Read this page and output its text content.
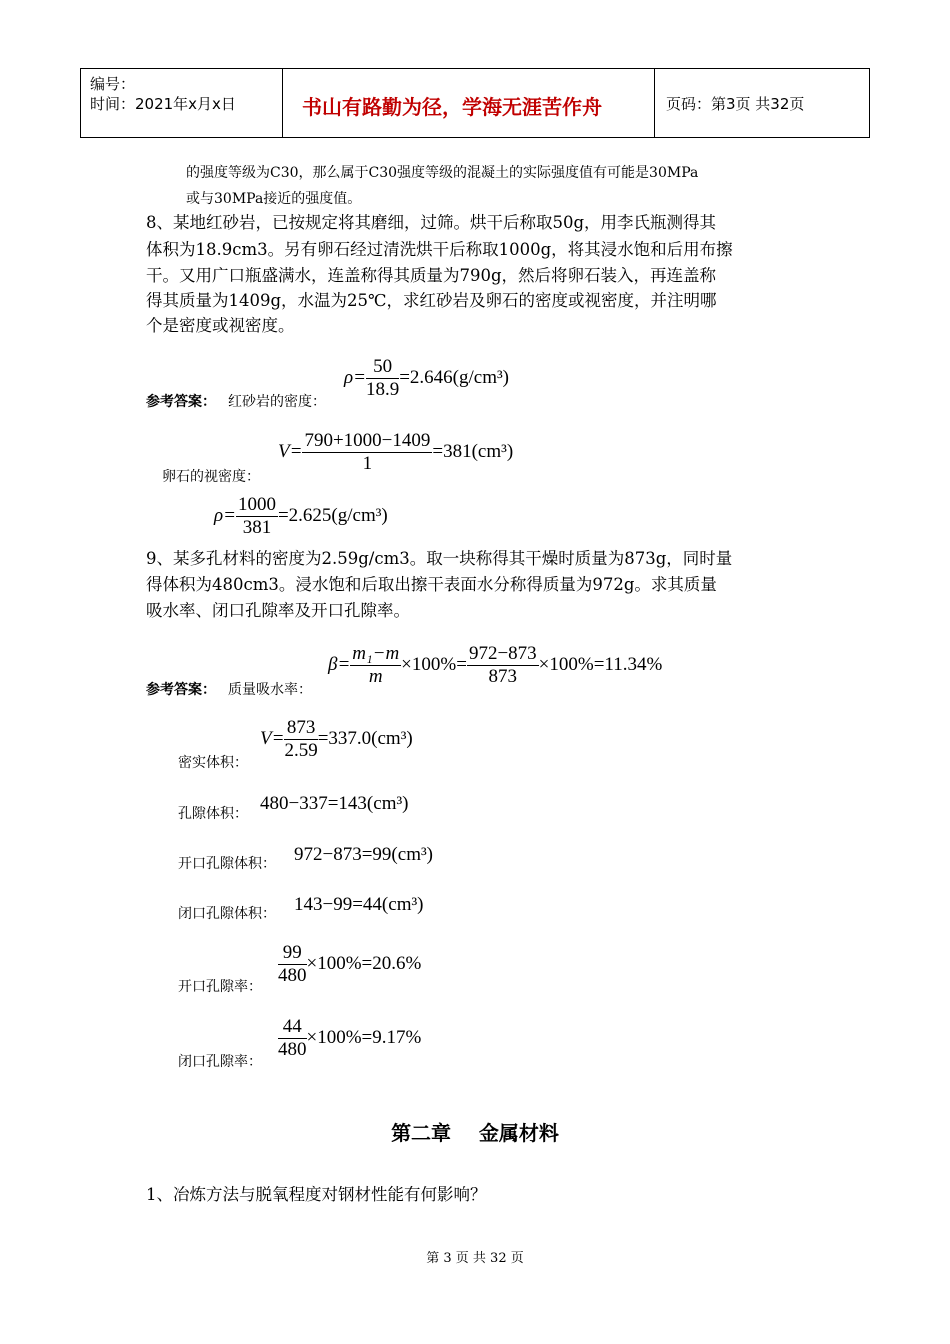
编号：
时间：2021年x月x日	书山有路勤为径，学海无涯苦作舟	页码：第3页 共32页
的强度等级为C30，那么属于C30强度等级的混凝土的实际强度值有可能是30MPa
或与30MPa接近的强度值。
8、某地红砂岩，已按规定将其磨细，过筛。烘干后称取50g，用李氏瓶测得其
体积为18.9cm3。另有卵石经过清洗烘干后称取1000g，将其浸水饱和后用布擦
干。又用广口瓶盛满水，连盖称得其质量为790g，然后将卵石装入，再连盖称
得其质量为1409g，水温为25℃，求红砂岩及卵石的密度或视密度，并注明哪
个是密度或视密度。
参考答案： 红砂岩的密度：
$\rho= \frac{50}{18.9} =2.646(g/cm^3)$
卵石的视密度：
$V= \frac{790+1000-1409}{1} =381(cm^3)$
$\rho= \frac{1000}{381} =2.625(g/cm^3)$
9、某多孔材料的密度为2.59g/cm3。取一块称得其干燥时质量为873g，同时量
得体积为480cm3。浸水饱和后取出擦干表面水分称得质量为972g。求其质量
吸水率、闭口孔隙率及开口孔隙率。
参考答案： 质量吸水率：
$\beta= \frac{\text{m₁−m}}{m} \times 100\%= \frac{972-873}{873} \times 100\%=11.34\%$
密实体积：
$V= \frac{873}{2.59} =337.0(cm^3)$
孔隙体积： 480−337=143(cm³)
开口孔隙体积： 972−873=99(cm³)
闭口孔隙体积： 143−99=44(cm³)
开口孔隙率：
$\frac{99}{480} \times 100\%=20.6\%$
闭口孔隙率：
$\frac{44}{480} \times 100\%=9.17\%$
第二章    金属材料
1、冶炼方法与脱氧程度对钢材性能有何影响？
第 3 页 共 32 页
